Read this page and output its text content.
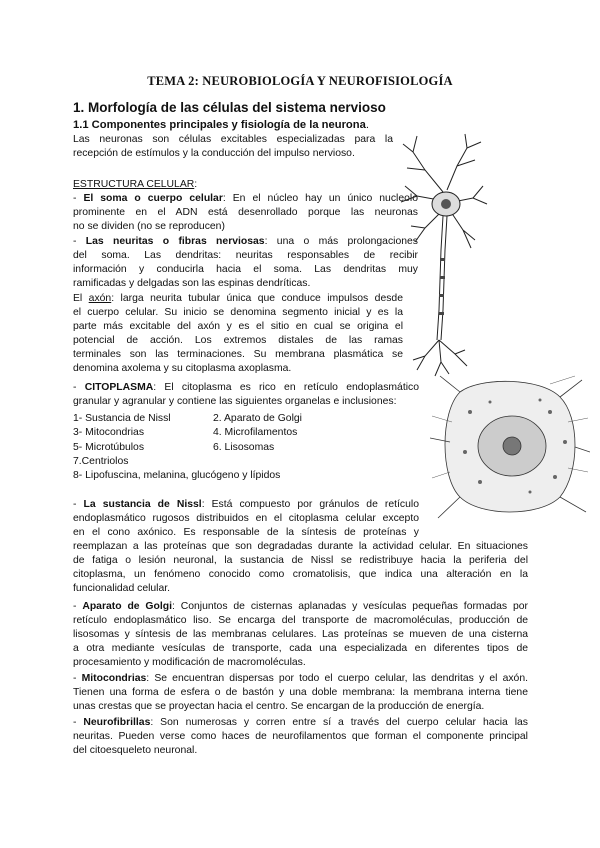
TEMA 2: NEUROBIOLOGÍA Y NEUROFISIOLOGÍA
1. Morfología de las células del sistema nervioso
1.1 Componentes principales y fisiología de la neurona.

Las neuronas son células excitables especializadas para la

recepción de estímulos y la conducción del impulso nervioso.

ESTRUCTURA CELULAR:

- El soma o cuerpo celular: En el núcleo hay un único nucleolo

prominente en el ADN está desenrollado porque las neuronas

no se dividen (no se reproducen)

- Las neuritas o fibras nerviosas: una o más prolongaciones

del soma. Las dendritas: neuritas responsables de recibir

información y conducirla hacia el soma. Las dendritas muy

ramificadas y delgadas son las espinas dendríticas.

El axón: larga neurita tubular única que conduce impulsos desde

el cuerpo celular. Su inicio se denomina segmento inicial y es la

parte más excitable del axón y es el sitio en cual se origina el

potencial de acción. Los extremos distales de las ramas

terminales son las terminaciones. Su membrana plasmática se

denomina axolema y su citoplasma axoplasma.

- CITOPLASMA: El citoplasma es rico en retículo endoplasmático

granular y agranular y contiene las siguientes organelas e inclusiones:

1- Sustancia de Nissl	2. Aparato de Golgi
3- Mitocondrias	4. Microfilamentos
5- Microtúbulos	6. Lisosomas
7.Centriolos
8- Lipofuscina, melanina, glucógeno y lípidos

- La sustancia de Nissl: Está compuesto por gránulos de retículo

endoplasmático rugosos distribuidos en el citoplasma celular excepto

en el cono axónico. Es responsable de la síntesis de proteínas y

reemplazan a las proteínas que son degradadas durante la actividad celular. En situaciones

de fatiga o lesión neuronal, la sustancia de Nissl se redistribuye hacia la periferia del

citoplasma, un fenómeno conocido como cromatolisis, que indica una alteración en la

funcionalidad celular.

- Aparato de Golgi: Conjuntos de cisternas aplanadas y vesículas pequeñas formadas por

retículo endoplasmático liso. Se encarga del transporte de macromoléculas, producción de

lisosomas y síntesis de las membranas celulares. Las proteínas se mueven de una cisterna

a otra mediante vesículas de transporte, cada una especializada en diferentes tipos de

procesamiento y modificación de macromoléculas.

- Mitocondrias: Se encuentran dispersas por todo el cuerpo celular, las dendritas y el axón.

Tienen una forma de esfera o de bastón y una doble membrana: la membrana interna tiene

unas crestas que se proyectan hacia el centro. Se encargan de la producción de energía.

- Neurofibrillas: Son numerosas y corren entre sí a través del cuerpo celular hacia las

neuritas. Pueden verse como haces de neurofilamentos que forman el componente principal

del citoesqueleto neuronal.
